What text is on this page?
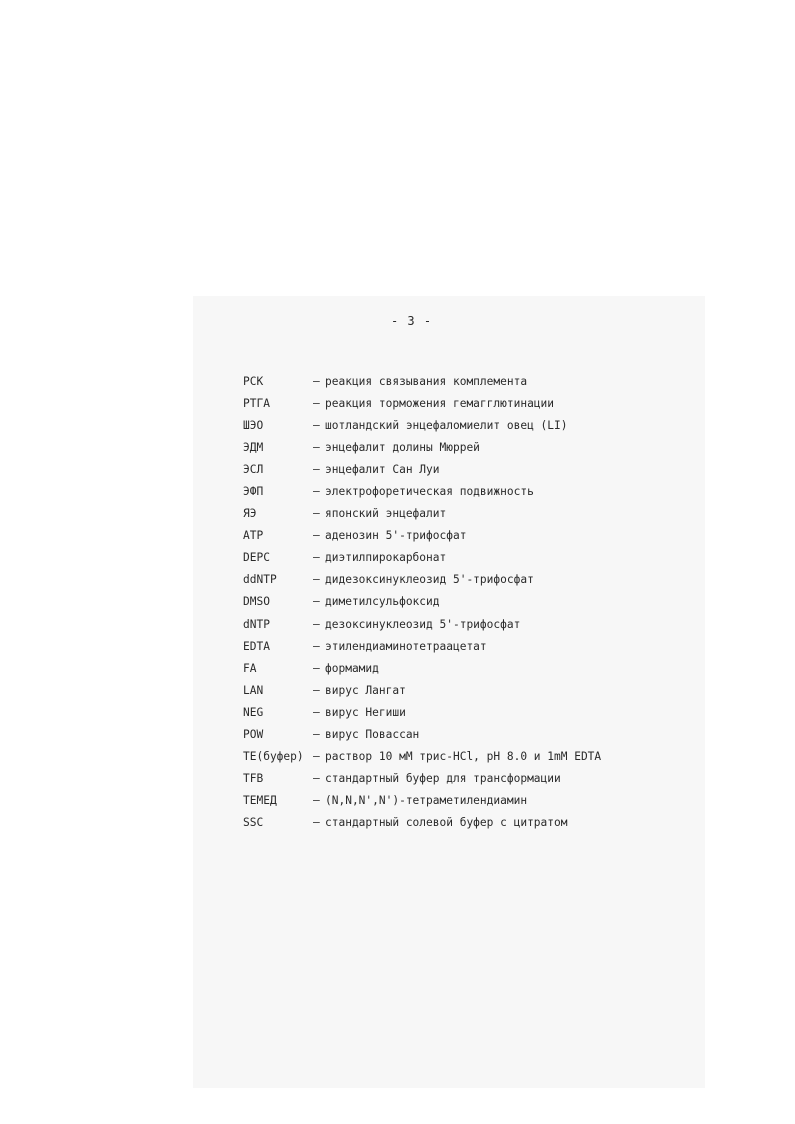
- 3 -
РСК	– реакция связывания комплемента
РТГА	– реакция торможения гемагглютинации
ШЭО	– шотландский энцефаломиелит овец (LI)
ЭДМ	– энцефалит долины Мюррей
ЭСЛ	– энцефалит Сан Луи
ЭФП	– электрофоретическая подвижность
ЯЭ	– японский энцефалит
ATP	– аденозин 5'-трифосфат
DEPC	– диэтилпирокарбонат
ddNTP	– дидезоксинуклеозид 5'-трифосфат
DMSO	– диметилсульфоксид
dNTP	– дезоксинуклеозид 5'-трифосфат
EDTA	– этилендиаминотетраацетат
FA	– формамид
LAN	– вирус Лангат
NEG	– вирус Негиши
POW	– вирус Повассан
TE(буфер) – раствор 10 мМ трис-HCl, pH 8.0 и 1mM EDTA
TFB	– стандартный буфер для трансформации
ТЕМЕД	– (N,N,N',N')-тетраметилендиамин
SSC	– стандартный солевой буфер с цитратом
